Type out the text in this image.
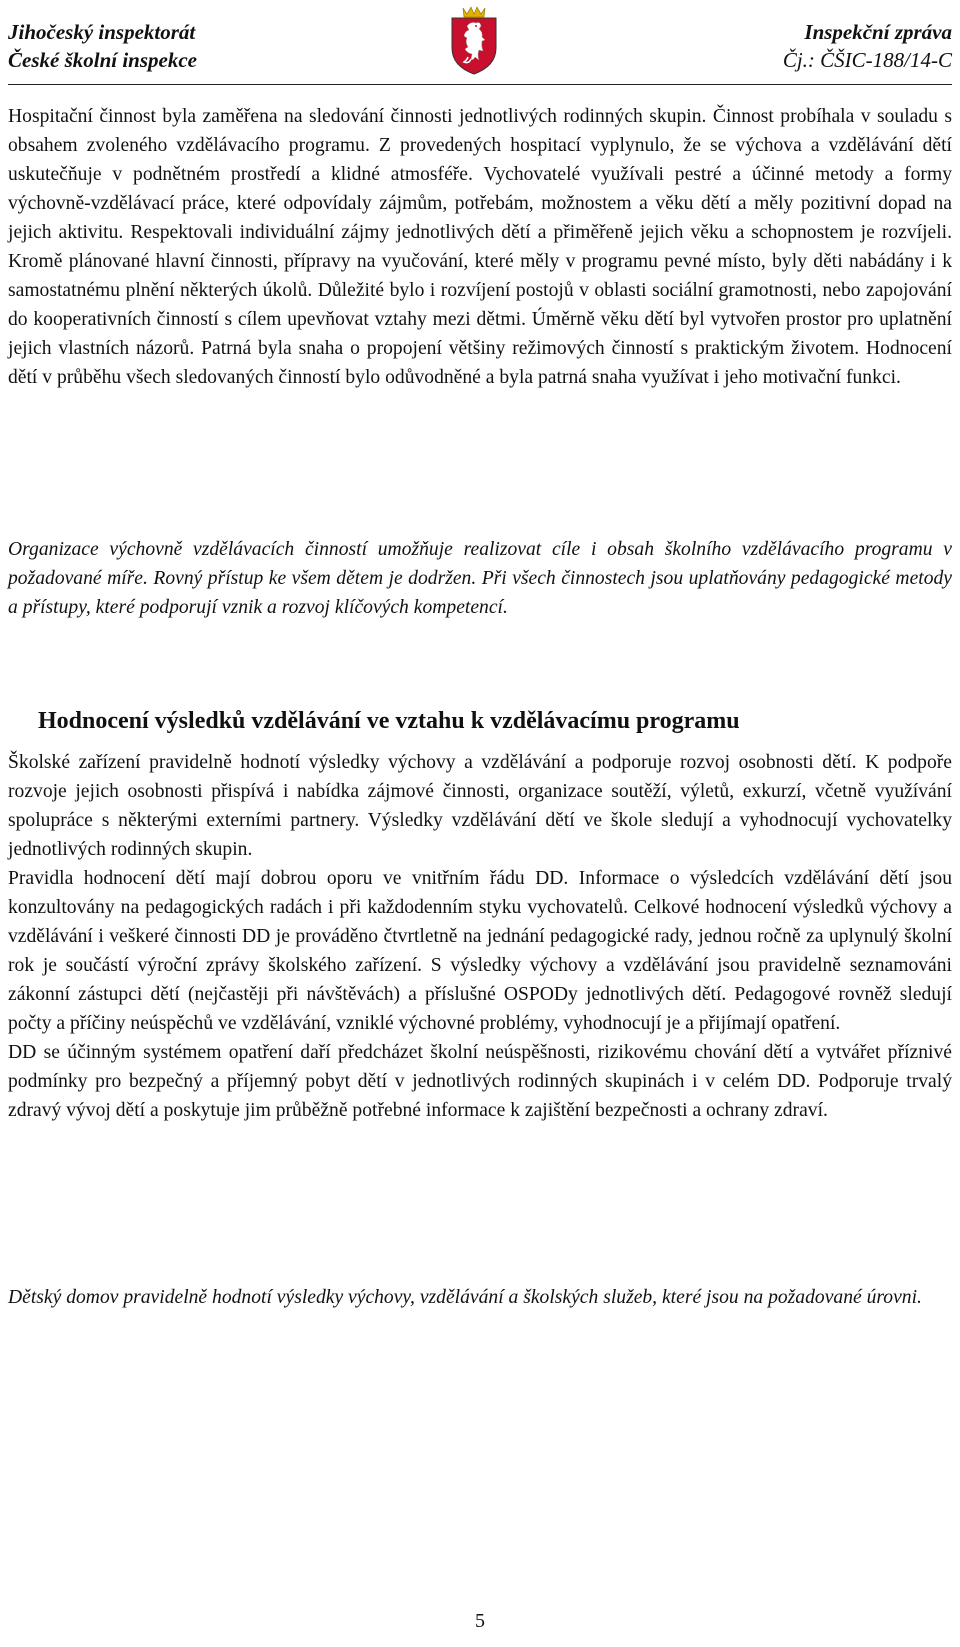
Jihočeský inspektorát
České školní inspekce
Inspekční zpráva
Čj.: ČŠIC-188/14-C

Hospitační činnost byla zaměřena na sledování činnosti jednotlivých rodinných skupin. Činnost probíhala v souladu s obsahem zvoleného vzdělávacího programu. Z provedených hospitací vyplynulo, že se výchova a vzdělávání dětí uskutečňuje v podnětném prostředí a klidné atmosféře. Vychovatelé využívali pestré a účinné metody a formy výchovně-vzdělávací práce, které odpovídaly zájmům, potřebám, možnostem a věku dětí a měly pozitivní dopad na jejich aktivitu. Respektovali individuální zájmy jednotlivých dětí a přiměřeně jejich věku a schopnostem je rozvíjeli. Kromě plánované hlavní činnosti, přípravy na vyučování, které měly v programu pevné místo, byly děti nabádány i k samostatnému plnění některých úkolů. Důležité bylo i rozvíjení postojů v oblasti sociální gramotnosti, nebo zapojování do kooperativních činností s cílem upevňovat vztahy mezi dětmi. Úměrně věku dětí byl vytvořen prostor pro uplatnění jejich vlastních názorů. Patrná byla snaha o propojení většiny režimových činností s praktickým životem. Hodnocení dětí v průběhu všech sledovaných činností bylo odůvodněné a byla patrná snaha využívat i jeho motivační funkci.

Organizace výchovně vzdělávacích činností umožňuje realizovat cíle i obsah školního vzdělávacího programu v požadované míře. Rovný přístup ke všem dětem je dodržen. Při všech činnostech jsou uplatňovány pedagogické metody a přístupy, které podporují vznik a rozvoj klíčových kompetencí.

Hodnocení výsledků vzdělávání ve vztahu k vzdělávacímu programu

Školské zařízení pravidelně hodnotí výsledky výchovy a vzdělávání a podporuje rozvoj osobnosti dětí. K podpoře rozvoje jejich osobnosti přispívá i nabídka zájmové činnosti, organizace soutěží, výletů, exkurzí, včetně využívání spolupráce s některými externími partnery. Výsledky vzdělávání dětí ve škole sledují a vyhodnocují vychovatelky jednotlivých rodinných skupin.

Pravidla hodnocení dětí mají dobrou oporu ve vnitřním řádu DD. Informace o výsledcích vzdělávání dětí jsou konzultovány na pedagogických radách i při každodenním styku vychovatelů. Celkové hodnocení výsledků výchovy a vzdělávání i veškeré činnosti DD je prováděno čtvrtletně na jednání pedagogické rady, jednou ročně za uplynulý školní rok je součástí výroční zprávy školského zařízení. S výsledky výchovy a vzdělávání jsou pravidelně seznamováni zákonní zástupci dětí (nejčastěji při návštěvách) a příslušné OSPODy jednotlivých dětí. Pedagogové rovněž sledují počty a příčiny neúspěchů ve vzdělávání, vzniklé výchovné problémy, vyhodnocují je a přijímají opatření.

DD se účinným systémem opatření daří předcházet školní neúspěšnosti, rizikovému chování dětí a vytvářet příznivé podmínky pro bezpečný a příjemný pobyt dětí v jednotlivých rodinných skupinách i v celém DD. Podporuje trvalý zdravý vývoj dětí a poskytuje jim průběžně potřebné informace k zajištění bezpečnosti a ochrany zdraví.

Dětský domov pravidelně hodnotí výsledky výchovy, vzdělávání a školských služeb, které jsou na požadované úrovni.

5
